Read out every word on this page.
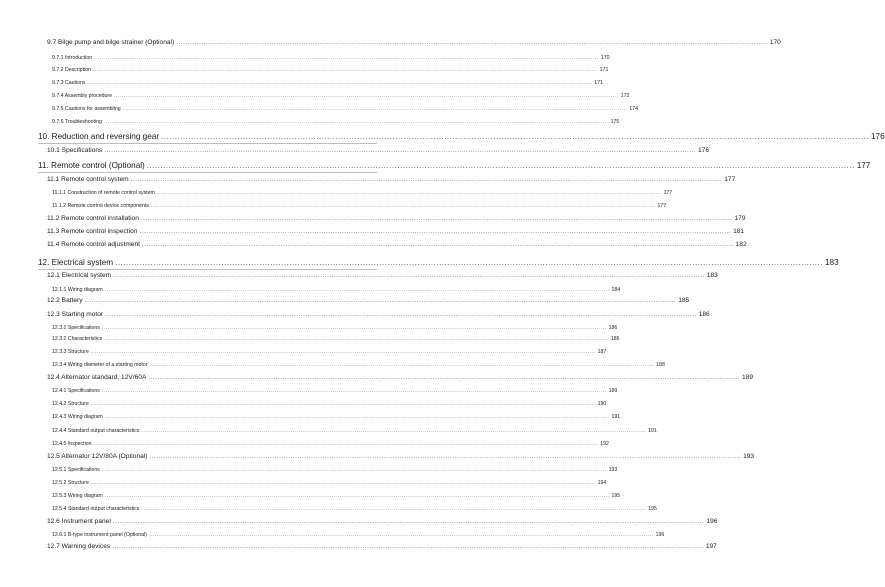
9.7 Bilge pump and bilge strainer (Optional) .................................................................................................................................................................................................................................................................... 170
9.7.1 Introduction .................................................................................................................................................................................................................................................................... 170
9.7.2 Description .................................................................................................................................................................................................................................................................... 171
9.7.3 Cautions .................................................................................................................................................................................................................................................................... 171
9.7.4 Assembly procedure .................................................................................................................................................................................................................................................................... 172
9.7.5 Cautions for assembling .................................................................................................................................................................................................................................................................... 174
9.7.6 Troubleshooting .................................................................................................................................................................................................................................................................... 175
10. Reduction and reversing gear .................................................................................................................................................................................................................................................................... 176
10.1 Specifications .................................................................................................................................................................................................................................................................... 176
11. Remote control (Optional) .................................................................................................................................................................................................................................................................... 177
11.1 Remote control system .................................................................................................................................................................................................................................................................... 177
11.1.1 Construction of remote control system .................................................................................................................................................................................................................................................................... 177
11.1.2 Remote control device components .................................................................................................................................................................................................................................................................... 177
11.2 Remote control installation .................................................................................................................................................................................................................................................................... 179
11.3 Remote control inspection .................................................................................................................................................................................................................................................................... 181
11.4 Remote control adjustment .................................................................................................................................................................................................................................................................... 182
12. Electrical system .................................................................................................................................................................................................................................................................... 183
12.1 Electrical system .................................................................................................................................................................................................................................................................... 183
12.1.1 Wiring diagram .................................................................................................................................................................................................................................................................... 184
12.2 Battery .................................................................................................................................................................................................................................................................... 185
12.3 Starting motor .................................................................................................................................................................................................................................................................... 186
12.3.1 Specifications .................................................................................................................................................................................................................................................................... 186
12.3.2 Characteristics .................................................................................................................................................................................................................................................................... 186
12.3.3 Structure .................................................................................................................................................................................................................................................................... 187
12.3.4 Wiring diameter of a starting motor .................................................................................................................................................................................................................................................................... 188
12.4 Alternator standard, 12V/60A .................................................................................................................................................................................................................................................................... 189
12.4.1 Specifications .................................................................................................................................................................................................................................................................... 189
12.4.2 Structure .................................................................................................................................................................................................................................................................... 190
12.4.3 Wiring diagram .................................................................................................................................................................................................................................................................... 191
12.4.4 Standard output characteristics .................................................................................................................................................................................................................................................................... 191
12.4.5 Inspection .................................................................................................................................................................................................................................................................... 192
12.5 Alternator 12V/80A (Optional) .................................................................................................................................................................................................................................................................... 193
12.5.1 Specifications .................................................................................................................................................................................................................................................................... 193
12.5.2 Structure .................................................................................................................................................................................................................................................................... 194
12.5.3 Wiring diagram .................................................................................................................................................................................................................................................................... 195
12.5.4 Standard output characteristics .................................................................................................................................................................................................................................................................... 195
12.6 Instrument panel .................................................................................................................................................................................................................................................................... 196
12.6.1 B-type instrument panel (Optional) .................................................................................................................................................................................................................................................................... 196
12.7 Warning devices .................................................................................................................................................................................................................................................................... 197
